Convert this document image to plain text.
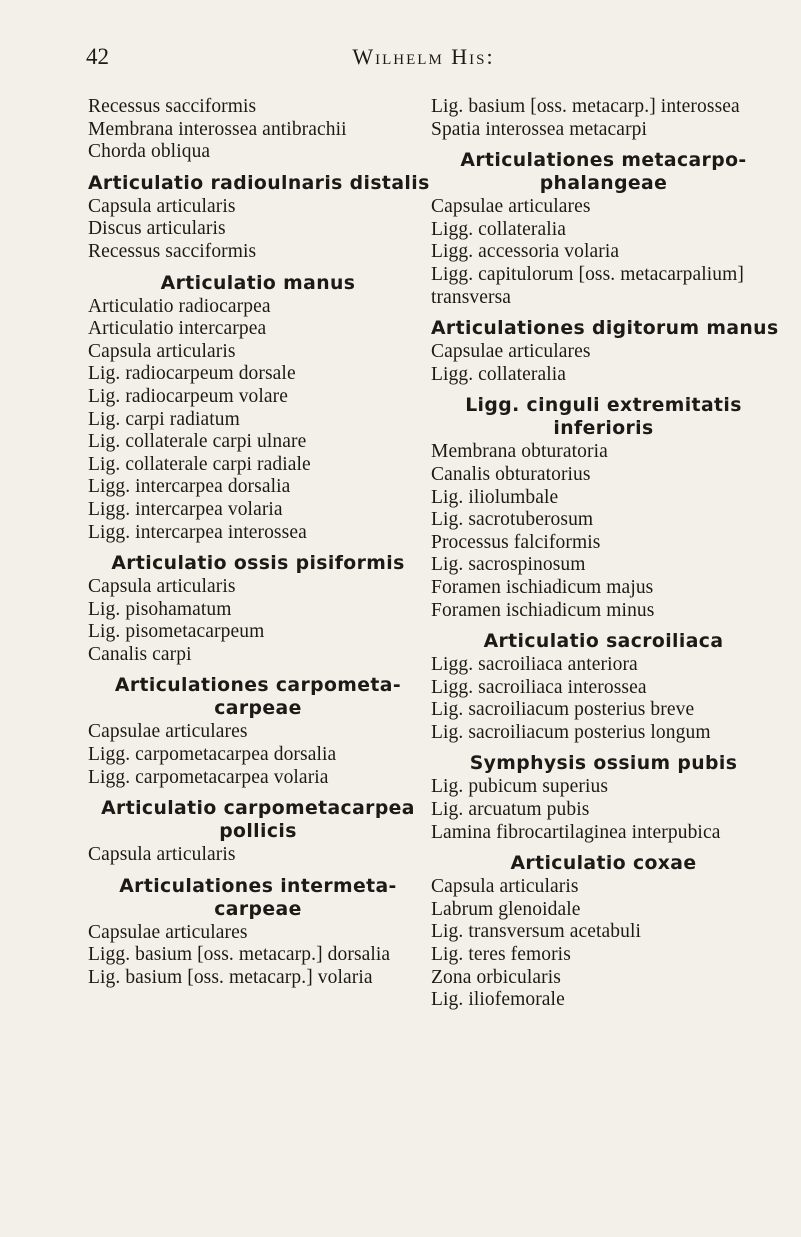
42	Wilhelm His:
Recessus sacciformis
Membrana interossea antibrachii
Chorda obliqua
Articulatio radioulnaris distalis
Capsula articularis
Discus articularis
Recessus sacciformis
Articulatio manus
Articulatio radiocarpea
Articulatio intercarpea
Capsula articularis
Lig. radiocarpeum dorsale
Lig. radiocarpeum volare
Lig. carpi radiatum
Lig. collaterale carpi ulnare
Lig. collaterale carpi radiale
Ligg. intercarpea dorsalia
Ligg. intercarpea volaria
Ligg. intercarpea interossea
Articulatio ossis pisiformis
Capsula articularis
Lig. pisohamatum
Lig. pisometacarpeum
Canalis carpi
Articulationes carpometa-
carpeae
Capsulae articulares
Ligg. carpometacarpea dorsalia
Ligg. carpometacarpea volaria
Articulatio carpometacarpea
pollicis
Capsula articularis
Articulationes intermeta-
carpeae
Capsulae articulares
Ligg. basium [oss. metacarp.] dorsalia
Lig. basium [oss. metacarp.] volaria
Lig. basium [oss. metacarp.] interossea
Spatia interossea metacarpi
Articulationes metacarpo-
phalangeae
Capsulae articulares
Ligg. collateralia
Ligg. accessoria volaria
Ligg. capitulorum [oss. metacarpalium]
transversa
Articulationes digitorum manus
Capsulae articulares
Ligg. collateralia
Ligg. cinguli extremitatis
inferioris
Membrana obturatoria
Canalis obturatorius
Lig. iliolumbale
Lig. sacrotuberosum
Processus falciformis
Lig. sacrospinosum
Foramen ischiadicum majus
Foramen ischiadicum minus
Articulatio sacroiliaca
Ligg. sacroiliaca anteriora
Ligg. sacroiliaca interossea
Lig. sacroiliacum posterius breve
Lig. sacroiliacum posterius longum
Symphysis ossium pubis
Lig. pubicum superius
Lig. arcuatum pubis
Lamina fibrocartilaginea interpubica
Articulatio coxae
Capsula articularis
Labrum glenoidale
Lig. transversum acetabuli
Lig. teres femoris
Zona orbicularis
Lig. iliofemorale
